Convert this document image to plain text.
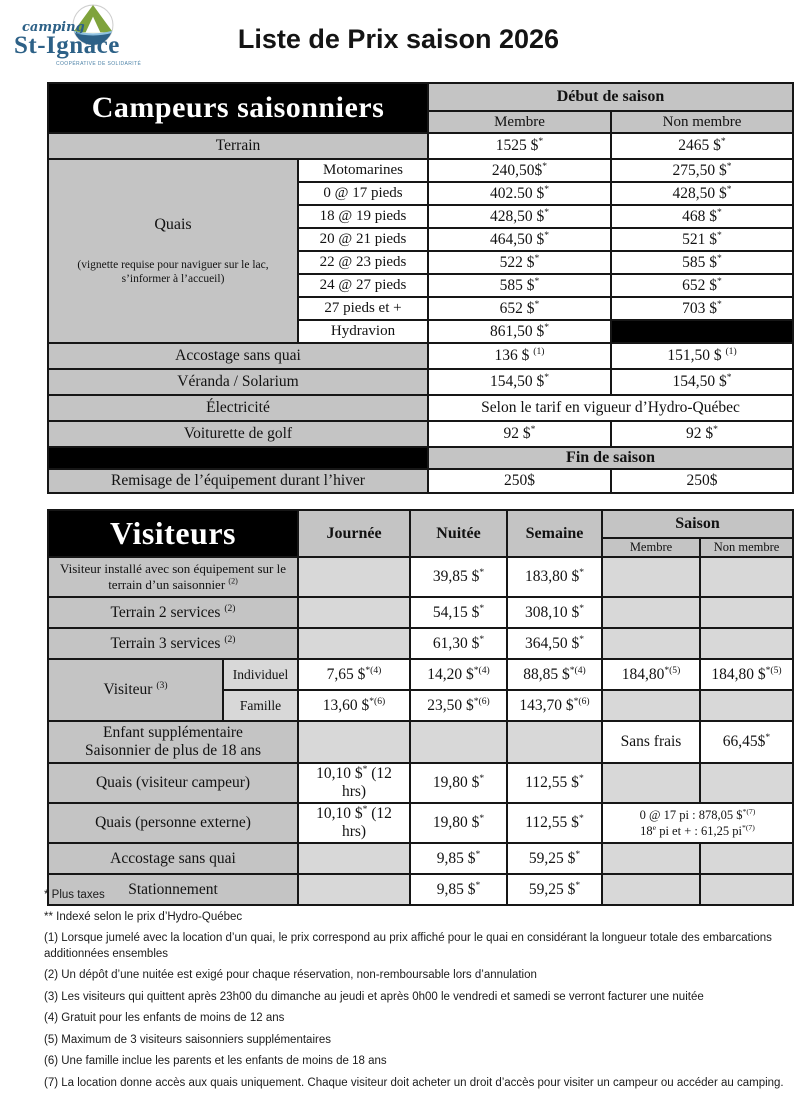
camping
St-Ignace
COOPÉRATIVE DE SOLIDARITÉ
Liste de Prix saison 2026
Campeurs saisonniers		Début de saison	
		Membre	Non membre
Terrain		1525 $*	2465 $*

Quais
(vignette requise pour naviguer sur le lac, s’informer à l’accueil)	Motomarines	240,50$*	275,50 $*
	0 @ 17 pieds	402.50 $*	428,50 $*
	18 @ 19 pieds	428,50 $*	468 $*
	20 @ 21 pieds	464,50 $*	521 $*
	22 @ 23 pieds	522 $*	585 $*
	24 @ 27 pieds	585 $*	652 $*
	27 pieds et +	652 $*	703 $*
	Hydravion	861,50 $*	
Accostage sans quai		136 $ $^{(1)}$	151,50 $ $^{(1)}$
Véranda / Solarium		154,50 $*	154,50 $*
Électricité		Selon le tarif en vigueur d’Hydro-Québec	
Voiturette de golf		92 $*	92 $*
		Fin de saison	
Remisage de l’équipement durant l’hiver		250$	250$
Visiteurs		Journée	Nuitée	Semaine	Saison	
					Membre	Non membre
Visiteur installé avec son équipement sur le terrain d’un saisonnier $^{(2)}$			39,85 $*	183,80 $*		
Terrain 2 services $^{(2)}$			54,15 $*	308,10 $*		
Terrain 3 services $^{(2)}$			61,30 $*	364,50 $*		
Visiteur $^{(3)}$	Individuel	7,65 \$$^{*(4)}$	14,20 \$$^{*(4)}$	88,85 \$$^{*(4)}$	184,80$^{*(5)}$	184,80 \$$^{*(5)}$
	Famille	13,60 \$$^{*(6)}$	23,50 \$$^{*(6)}$	143,70 \$$^{*(6)}$		

Enfant supplémentaire
Saisonnier de plus de 18 ans					Sans frais	66,45$*
Quais (visiteur campeur)		10,10 $* (12 hrs)	19,80 $*	112,55 $*		
Quais (personne externe)		10,10 $* (12 hrs)	19,80 $*	112,55 $*	0 @ 17 pi : 878,05 \$$^{*(7)}$
18e pi et + : 61,25 $pi^{*(7)}$

Accostage sans quai			9,85 $*	59,25 $*		
Stationnement			9,85 $*	59,25 $*		
* Plus taxes
** Indexé selon le prix d’Hydro-Québec
(1) Lorsque jumelé avec la location d’un quai, le prix correspond au prix affiché pour le quai en considérant la longueur totale des embarcations additionnées ensembles
(2) Un dépôt d’une nuitée est exigé pour chaque réservation, non-remboursable lors d’annulation
(3) Les visiteurs qui quittent après 23h00 du dimanche au jeudi et après 0h00 le vendredi et samedi se verront facturer une nuitée
(4) Gratuit pour les enfants de moins de 12 ans
(5) Maximum de 3 visiteurs saisonniers supplémentaires
(6) Une famille inclue les parents et les enfants de moins de 18 ans
(7) La location donne accès aux quais uniquement. Chaque visiteur doit acheter un droit d’accès pour visiter un campeur ou accéder au camping.
